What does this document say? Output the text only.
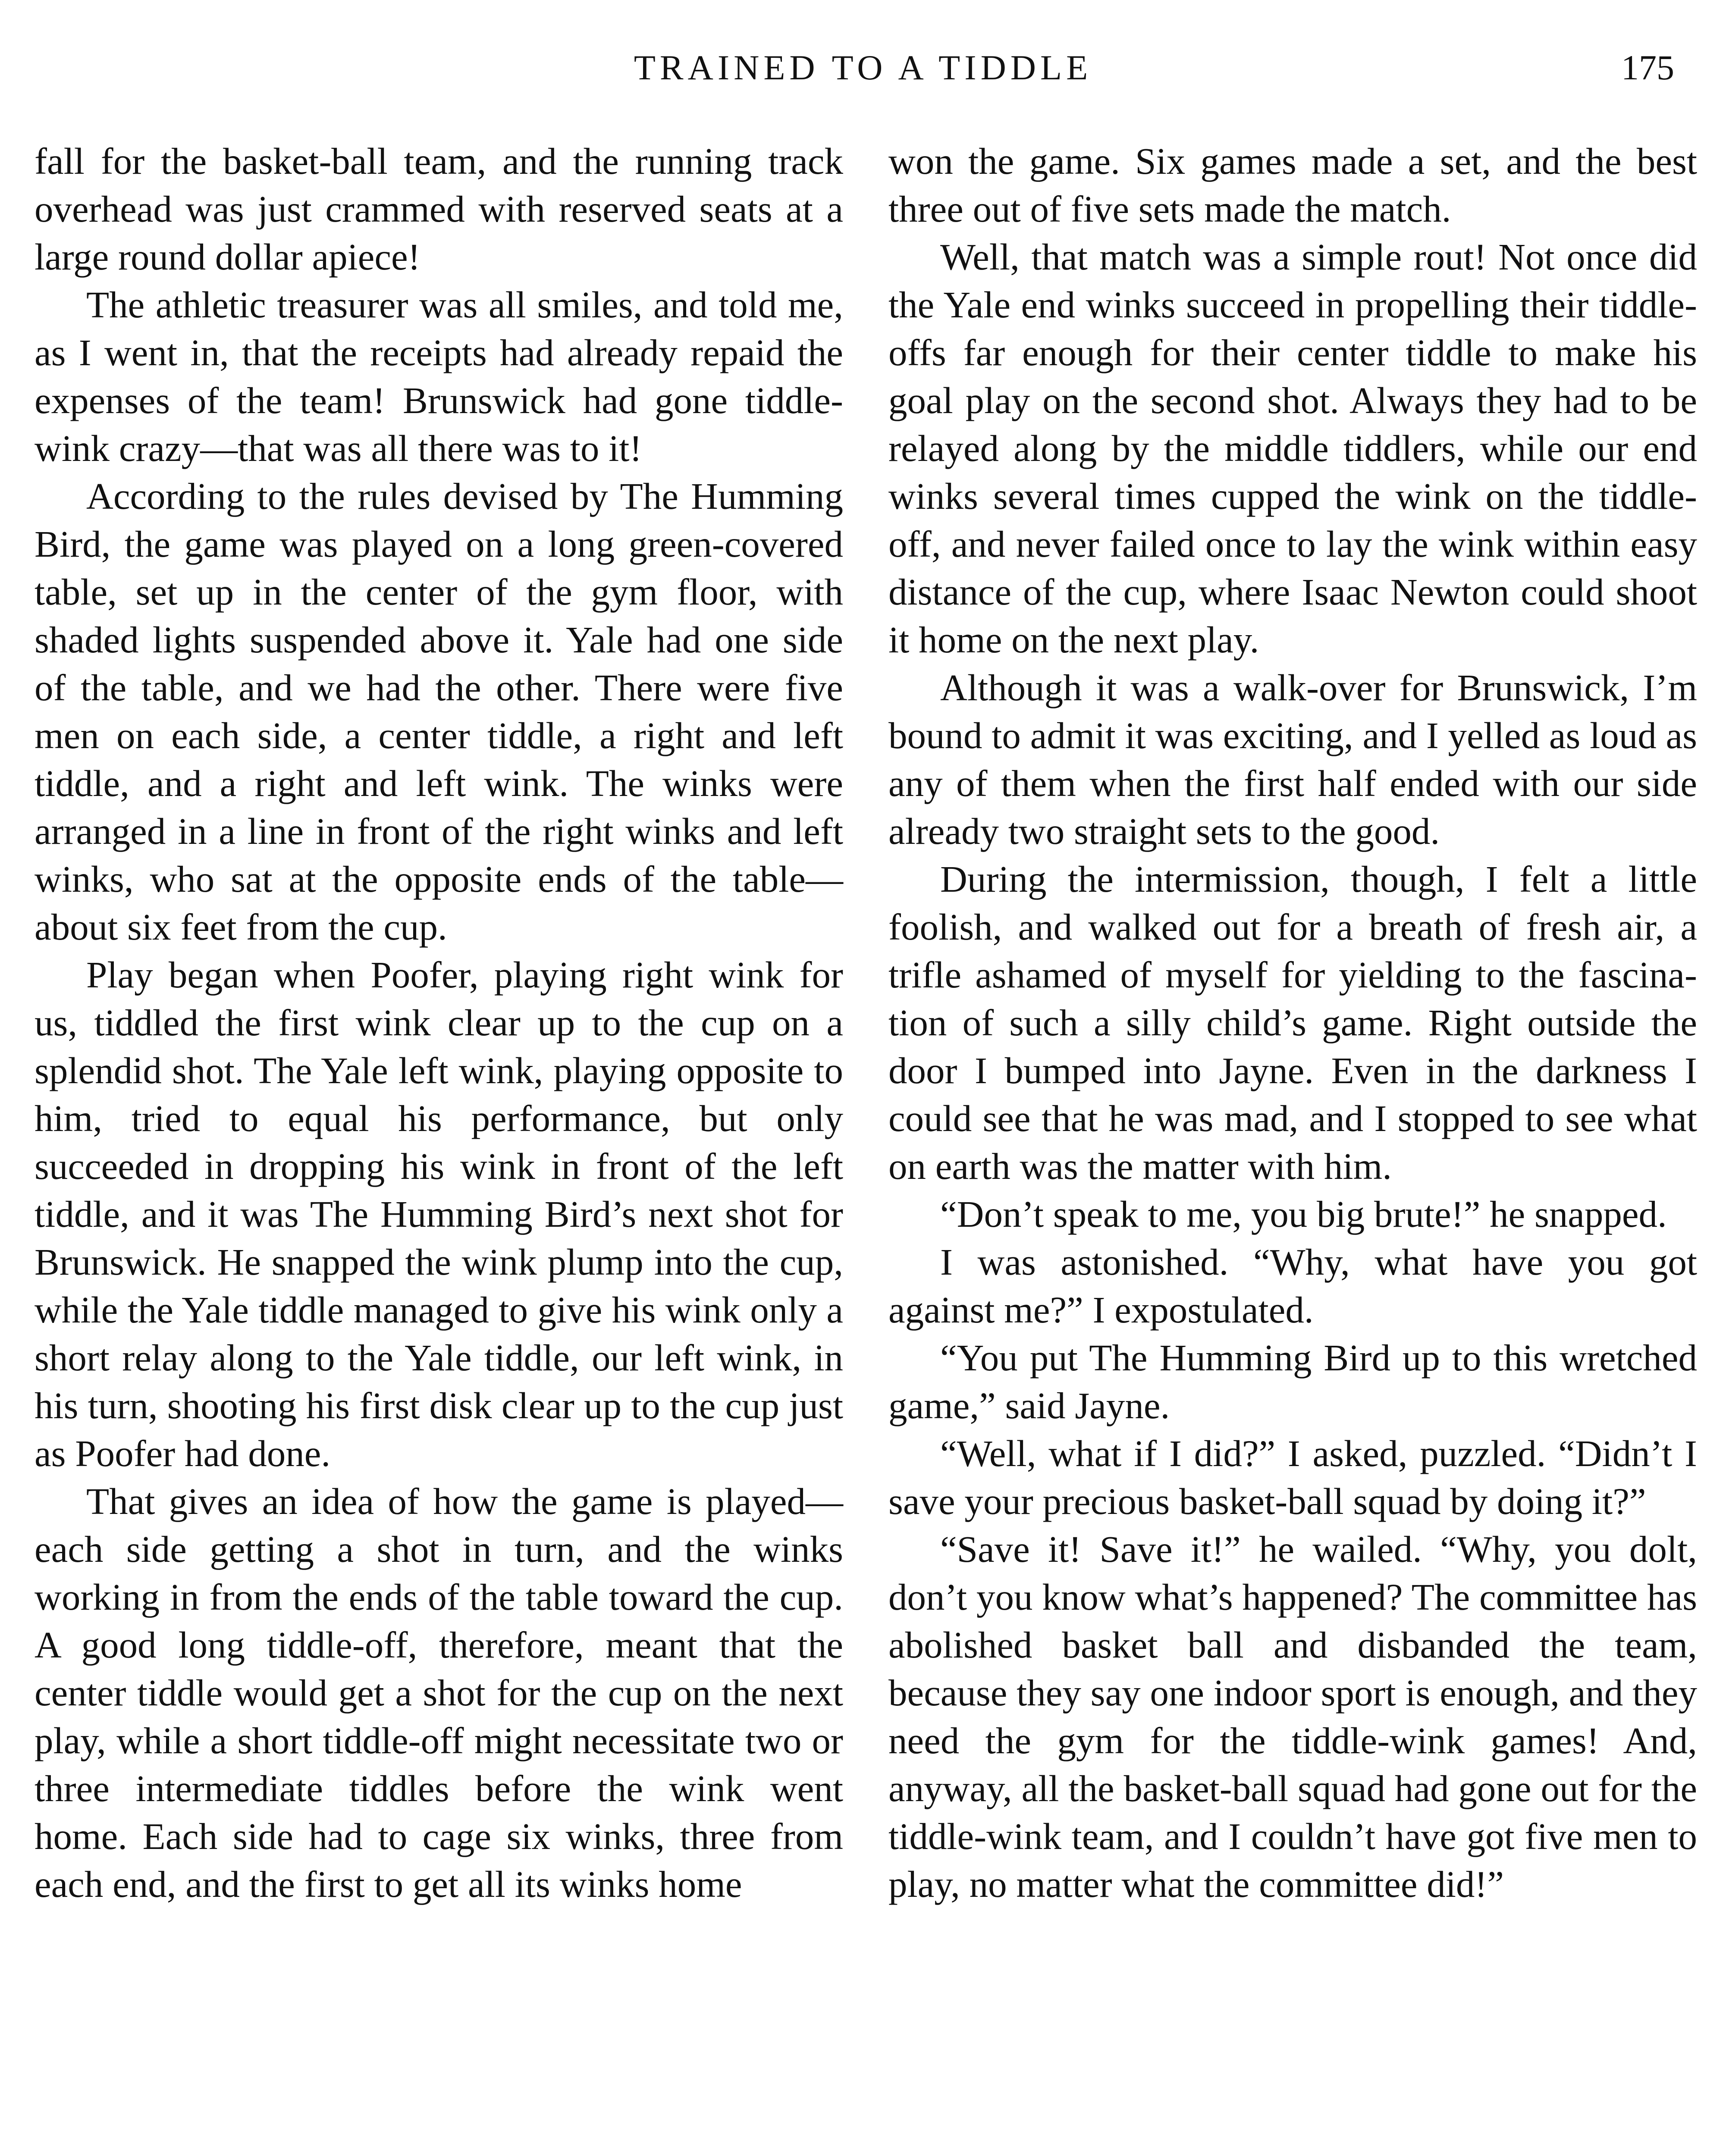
TRAINED TO A TIDDLE	175

fall for the basket-ball team, and the running track overhead was just crammed with reserved seats at a large round dollar apiece!

The athletic treasurer was all smiles, and told me, as I went in, that the receipts had already repaid the expenses of the team! Brunswick had gone tiddle-wink crazy—that was all there was to it!

According to the rules devised by The Humming Bird, the game was played on a long green-covered table, set up in the center of the gym floor, with shaded lights suspended above it. Yale had one side of the table, and we had the other. There were five men on each side, a center tiddle, a right and left tiddle, and a right and left wink. The winks were arranged in a line in front of the right winks and left winks, who sat at the opposite ends of the table—about six feet from the cup.

Play began when Poofer, playing right wink for us, tiddled the first wink clear up to the cup on a splendid shot. The Yale left wink, playing opposite to him, tried to equal his performance, but only succeeded in dropping his wink in front of the left tiddle, and it was The Humming Bird’s next shot for Brunswick. He snapped the wink plump into the cup, while the Yale tiddle managed to give his wink only a short relay along to the Yale tiddle, our left wink, in his turn, shooting his first disk clear up to the cup just as Poofer had done.

That gives an idea of how the game is played—each side getting a shot in turn, and the winks working in from the ends of the table toward the cup. A good long tiddle-off, therefore, meant that the center tiddle would get a shot for the cup on the next play, while a short tiddle-off might necessitate two or three intermediate tiddles before the wink went home. Each side had to cage six winks, three from each end, and the first to get all its winks home

won the game. Six games made a set, and the best three out of five sets made the match.

Well, that match was a simple rout! Not once did the Yale end winks succeed in propelling their tiddle-offs far enough for their center tiddle to make his goal play on the second shot. Always they had to be relayed along by the middle tiddlers, while our end winks several times cupped the wink on the tiddle-off, and never failed once to lay the wink within easy distance of the cup, where Isaac Newton could shoot it home on the next play.

Although it was a walk-over for Brunswick, I’m bound to admit it was exciting, and I yelled as loud as any of them when the first half ended with our side already two straight sets to the good.

During the intermission, though, I felt a little foolish, and walked out for a breath of fresh air, a trifle ashamed of myself for yielding to the fascination of such a silly child’s game. Right outside the door I bumped into Jayne. Even in the darkness I could see that he was mad, and I stopped to see what on earth was the matter with him.

“Don’t speak to me, you big brute!” he snapped.

I was astonished. “Why, what have you got against me?” I expostulated.

“You put The Humming Bird up to this wretched game,” said Jayne.

“Well, what if I did?” I asked, puzzled. “Didn’t I save your precious basket-ball squad by doing it?”

“Save it! Save it!” he wailed. “Why, you dolt, don’t you know what’s happened? The committee has abolished basket ball and disbanded the team, because they say one indoor sport is enough, and they need the gym for the tiddle-wink games! And, anyway, all the basket-ball squad had gone out for the tiddle-wink team, and I couldn’t have got five men to play, no matter what the committee did!”
